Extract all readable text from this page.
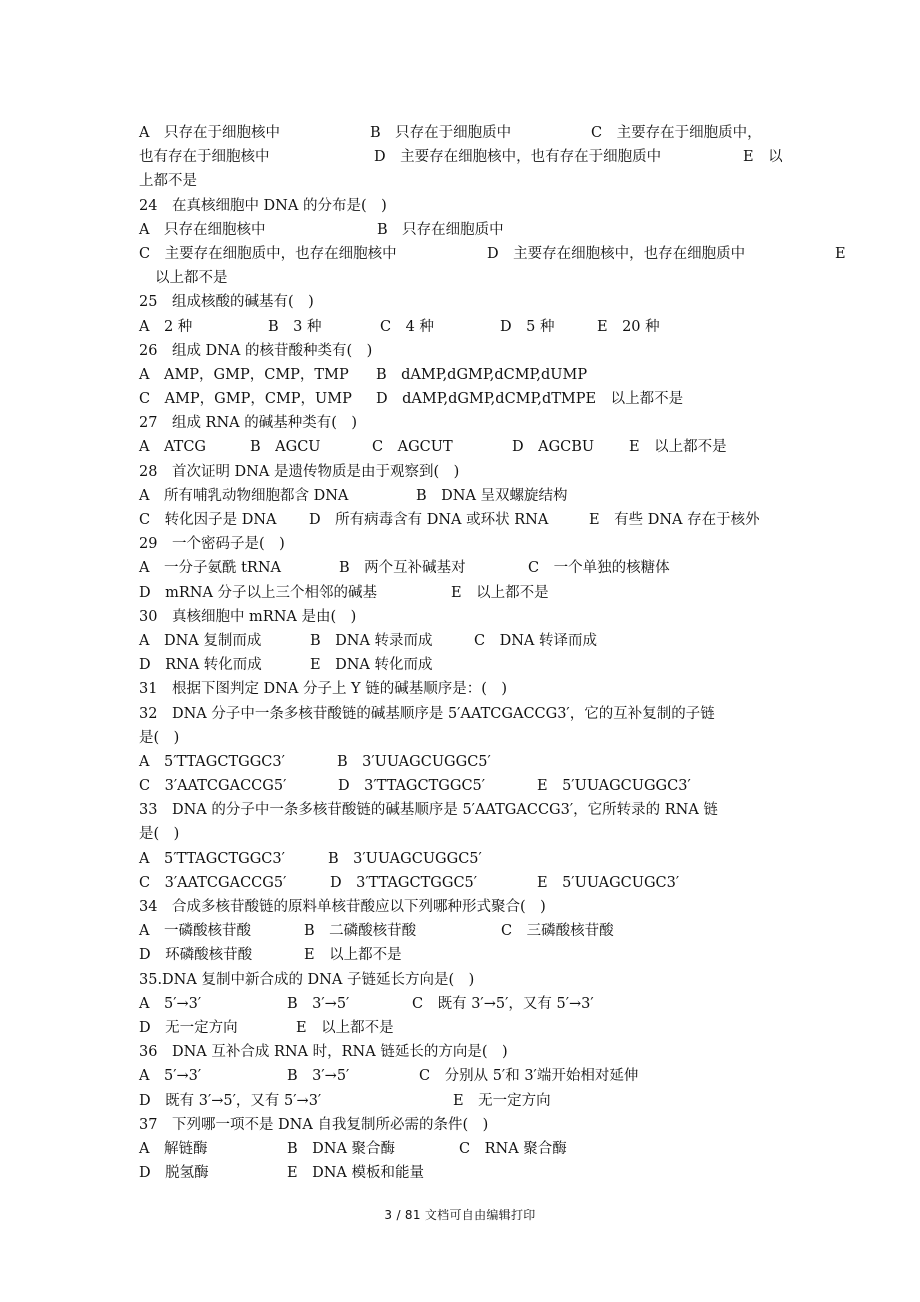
A　只存在于细胞核中	B　只存在于细胞质中	C　主要存在于细胞质中，
也有存在于细胞核中	D　主要存在细胞核中，也有存在于细胞质中	E　以
上都不是
24　在真核细胞中 DNA 的分布是(　)
A　只存在细胞核中	B　只存在细胞质中
C　主要存在细胞质中，也存在细胞核中	D　主要存在细胞核中，也存在细胞质中	E
以上都不是
25　组成核酸的碱基有(　)
A　2 种	B　3 种	C　4 种	D　5 种	E　20 种
26　组成 DNA 的核苷酸种类有(　)
A　AMP，GMP，CMP，TMP B　dAMP,dGMP,dCMP,dUMP
C　AMP，GMP，CMP，UMP D　dAMP,dGMP,dCMP,dTMPE　以上都不是
27　组成 RNA 的碱基种类有(　)
A　ATCG	B　AGCU	C　AGCUT	D　AGCBU E　以上都不是
28　首次证明 DNA 是遗传物质是由于观察到(　)
A　所有哺乳动物细胞都含 DNA	B　DNA 呈双螺旋结构
C　转化因子是 DNA D　所有病毒含有 DNA 或环状 RNA	E　有些 DNA 存在于核外
29　一个密码子是(　)
A　一分子氨酰 tRNA	B　两个互补碱基对	C　一个单独的核糖体
D　mRNA 分子以上三个相邻的碱基	E　以上都不是
30　真核细胞中 mRNA 是由(　)
A　DNA 复制而成	B　DNA 转录而成	C　DNA 转译而成
D　RNA 转化而成	E　DNA 转化而成
31　根据下图判定 DNA 分子上 Y 链的碱基顺序是：(　)
32　DNA 分子中一条多核苷酸链的碱基顺序是 5′AATCGACCG3′，它的互补复制的子链
是(　)
A　5′TTAGCTGGC3′	B　3′UUAGCUGGC5′
C　3′AATCGACCG5′	D　3′TTAGCTGGC5′	E　5′UUAGCUGGC3′
33　DNA 的分子中一条多核苷酸链的碱基顺序是 5′AATGACCG3′，它所转录的 RNA 链
是(　)
A　5′TTAGCTGGC3′	B　3′UUAGCUGGC5′
C　3′AATCGACCG5′	D　3′TTAGCTGGC5′	E　5′UUAGCUGC3′
34　合成多核苷酸链的原料单核苷酸应以下列哪种形式聚合(　)
A　一磷酸核苷酸	B　二磷酸核苷酸	C　三磷酸核苷酸
D　环磷酸核苷酸	E　以上都不是
35.DNA 复制中新合成的 DNA 子链延长方向是(　)
A　5′→3′	B　3′→5′	C　既有 3′→5′，又有 5′→3′
D　无一定方向	E　以上都不是
36　DNA 互补合成 RNA 时，RNA 链延长的方向是(　)
A　5′→3′	B　3′→5′	C　分别从 5′和 3′端开始相对延伸
D　既有 3′→5′，又有 5′→3′	E　无一定方向
37　下列哪一项不是 DNA 自我复制所必需的条件(　)
A　解链酶	B　DNA 聚合酶	C　RNA 聚合酶
D　脱氢酶	E　DNA 模板和能量
3 / 81 文档可自由编辑打印
